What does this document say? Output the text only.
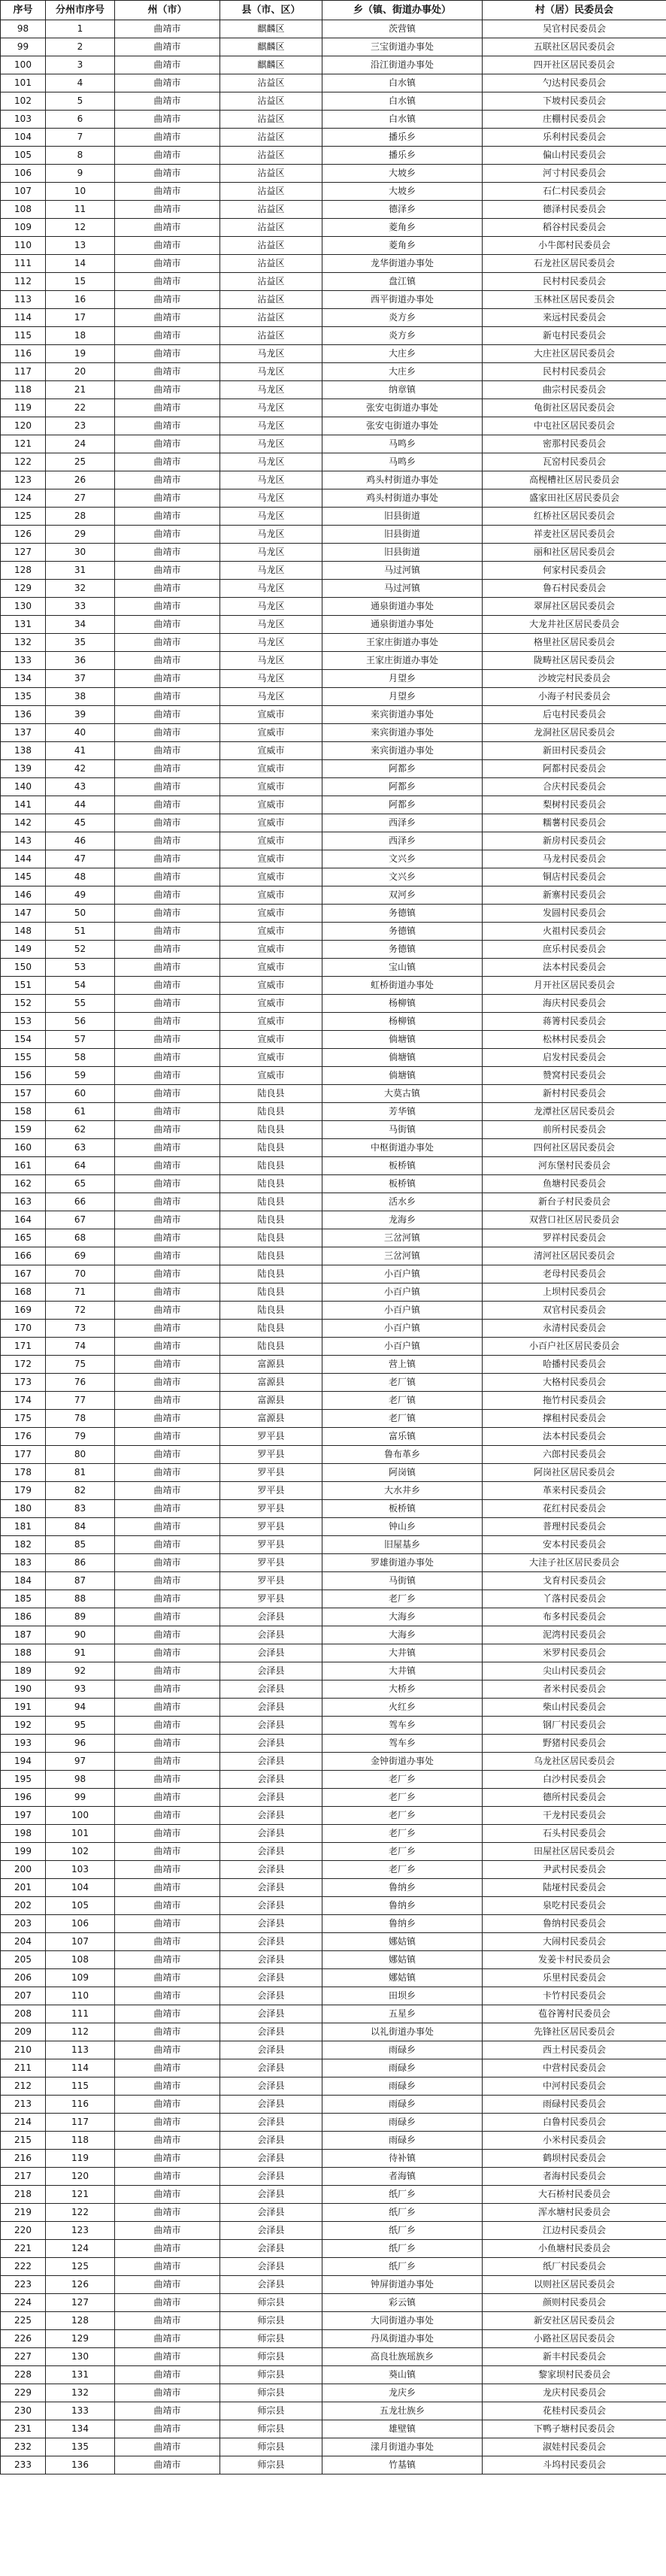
序号	分州市序号	州（市）	县（市、区）	乡（镇、街道办事处）	村（居）民委员会
98	1	曲靖市	麒麟区	茨营镇	吴官村民委员会
99	2	曲靖市	麒麟区	三宝街道办事处	五联社区居民委员会
100	3	曲靖市	麒麟区	沿江街道办事处	四开社区居民委员会
101	4	曲靖市	沾益区	白水镇	勺达村民委员会
102	5	曲靖市	沾益区	白水镇	下坡村民委员会
103	6	曲靖市	沾益区	白水镇	庄棚村民委员会
104	7	曲靖市	沾益区	播乐乡	乐利村民委员会
105	8	曲靖市	沾益区	播乐乡	偏山村民委员会
106	9	曲靖市	沾益区	大坡乡	河寸村民委员会
107	10	曲靖市	沾益区	大坡乡	石仁村民委员会
108	11	曲靖市	沾益区	德泽乡	德泽村民委员会
109	12	曲靖市	沾益区	菱角乡	稻谷村民委员会
110	13	曲靖市	沾益区	菱角乡	小牛郎村民委员会
111	14	曲靖市	沾益区	龙华街道办事处	石龙社区居民委员会
112	15	曲靖市	沾益区	盘江镇	民村村民委员会
113	16	曲靖市	沾益区	西平街道办事处	玉林社区居民委员会
114	17	曲靖市	沾益区	炎方乡	来远村民委员会
115	18	曲靖市	沾益区	炎方乡	新屯村民委员会
116	19	曲靖市	马龙区	大庄乡	大庄社区居民委员会
117	20	曲靖市	马龙区	大庄乡	民村村民委员会
118	21	曲靖市	马龙区	纳章镇	曲宗村民委员会
119	22	曲靖市	马龙区	张安屯街道办事处	龟街社区居民委员会
120	23	曲靖市	马龙区	张安屯街道办事处	中屯社区居民委员会
121	24	曲靖市	马龙区	马鸣乡	密那村民委员会
122	25	曲靖市	马龙区	马鸣乡	瓦窑村民委员会
123	26	曲靖市	马龙区	鸡头村街道办事处	高枧槽社区居民委员会
124	27	曲靖市	马龙区	鸡头村街道办事处	盛家田社区居民委员会
125	28	曲靖市	马龙区	旧县街道	红桥社区居民委员会
126	29	曲靖市	马龙区	旧县街道	祥麦社区居民委员会
127	30	曲靖市	马龙区	旧县街道	丽和社区居民委员会
128	31	曲靖市	马龙区	马过河镇	何家村民委员会
129	32	曲靖市	马龙区	马过河镇	鲁石村民委员会
130	33	曲靖市	马龙区	通泉街道办事处	翠屏社区居民委员会
131	34	曲靖市	马龙区	通泉街道办事处	大龙井社区居民委员会
132	35	曲靖市	马龙区	王家庄街道办事处	格里社区居民委员会
133	36	曲靖市	马龙区	王家庄街道办事处	陇畴社区居民委员会
134	37	曲靖市	马龙区	月望乡	沙坡完村民委员会
135	38	曲靖市	马龙区	月望乡	小海子村民委员会
136	39	曲靖市	宣威市	来宾街道办事处	后屯村民委员会
137	40	曲靖市	宣威市	来宾街道办事处	龙洞社区居民委员会
138	41	曲靖市	宣威市	来宾街道办事处	新田村民委员会
139	42	曲靖市	宣威市	阿都乡	阿都村民委员会
140	43	曲靖市	宣威市	阿都乡	合庆村民委员会
141	44	曲靖市	宣威市	阿都乡	梨树村民委员会
142	45	曲靖市	宣威市	西泽乡	糯薯村民委员会
143	46	曲靖市	宣威市	西泽乡	新房村民委员会
144	47	曲靖市	宣威市	文兴乡	马龙村民委员会
145	48	曲靖市	宣威市	文兴乡	铜店村民委员会
146	49	曲靖市	宣威市	双河乡	新寨村民委员会
147	50	曲靖市	宣威市	务德镇	发圆村民委员会
148	51	曲靖市	宣威市	务德镇	火祖村民委员会
149	52	曲靖市	宣威市	务德镇	庶乐村民委员会
150	53	曲靖市	宣威市	宝山镇	法本村民委员会
151	54	曲靖市	宣威市	虹桥街道办事处	月开社区居民委员会
152	55	曲靖市	宣威市	杨柳镇	海庆村民委员会
153	56	曲靖市	宣威市	杨柳镇	蒋箐村民委员会
154	57	曲靖市	宣威市	倘塘镇	松林村民委员会
155	58	曲靖市	宣威市	倘塘镇	启发村民委员会
156	59	曲靖市	宣威市	倘塘镇	赞窝村民委员会
157	60	曲靖市	陆良县	大莫古镇	新村村民委员会
158	61	曲靖市	陆良县	芳华镇	龙潭社区居民委员会
159	62	曲靖市	陆良县	马街镇	前所村民委员会
160	63	曲靖市	陆良县	中枢街道办事处	四何社区居民委员会
161	64	曲靖市	陆良县	板桥镇	河东堡村民委员会
162	65	曲靖市	陆良县	板桥镇	鱼塘村民委员会
163	66	曲靖市	陆良县	活水乡	新台子村民委员会
164	67	曲靖市	陆良县	龙海乡	双营口社区居民委员会
165	68	曲靖市	陆良县	三岔河镇	罗祥村民委员会
166	69	曲靖市	陆良县	三岔河镇	清河社区居民委员会
167	70	曲靖市	陆良县	小百户镇	老母村民委员会
168	71	曲靖市	陆良县	小百户镇	上坝村民委员会
169	72	曲靖市	陆良县	小百户镇	双官村民委员会
170	73	曲靖市	陆良县	小百户镇	永清村民委员会
171	74	曲靖市	陆良县	小百户镇	小百户社区居民委员会
172	75	曲靖市	富源县	营上镇	哈播村民委员会
173	76	曲靖市	富源县	老厂镇	大格村民委员会
174	77	曲靖市	富源县	老厂镇	拖竹村民委员会
175	78	曲靖市	富源县	老厂镇	撑租村民委员会
176	79	曲靖市	罗平县	富乐镇	法本村民委员会
177	80	曲靖市	罗平县	鲁布革乡	六郎村民委员会
178	81	曲靖市	罗平县	阿岗镇	阿岗社区居民委员会
179	82	曲靖市	罗平县	大水井乡	革来村民委员会
180	83	曲靖市	罗平县	板桥镇	花红村民委员会
181	84	曲靖市	罗平县	钟山乡	普理村民委员会
182	85	曲靖市	罗平县	旧屋基乡	安本村民委员会
183	86	曲靖市	罗平县	罗雄街道办事处	大洼子社区居民委员会
184	87	曲靖市	罗平县	马街镇	戈育村民委员会
185	88	曲靖市	罗平县	老厂乡	丫落村民委员会
186	89	曲靖市	会泽县	大海乡	布多村民委员会
187	90	曲靖市	会泽县	大海乡	泥湾村民委员会
188	91	曲靖市	会泽县	大井镇	米罗村民委员会
189	92	曲靖市	会泽县	大井镇	尖山村民委员会
190	93	曲靖市	会泽县	大桥乡	者米村民委员会
191	94	曲靖市	会泽县	火红乡	柴山村民委员会
192	95	曲靖市	会泽县	驾车乡	钢厂村民委员会
193	96	曲靖市	会泽县	驾车乡	野猪村民委员会
194	97	曲靖市	会泽县	金钟街道办事处	乌龙社区居民委员会
195	98	曲靖市	会泽县	老厂乡	白沙村民委员会
196	99	曲靖市	会泽县	老厂乡	德所村民委员会
197	100	曲靖市	会泽县	老厂乡	干龙村民委员会
198	101	曲靖市	会泽县	老厂乡	石头村民委员会
199	102	曲靖市	会泽县	老厂乡	田屋社区居民委员会
200	103	曲靖市	会泽县	老厂乡	尹武村民委员会
201	104	曲靖市	会泽县	鲁纳乡	陆垭村民委员会
202	105	曲靖市	会泽县	鲁纳乡	泉吃村民委员会
203	106	曲靖市	会泽县	鲁纳乡	鲁纳村民委员会
204	107	曲靖市	会泽县	娜姑镇	大闹村民委员会
205	108	曲靖市	会泽县	娜姑镇	发姜卡村民委员会
206	109	曲靖市	会泽县	娜姑镇	乐里村民委员会
207	110	曲靖市	会泽县	田坝乡	卡竹村民委员会
208	111	曲靖市	会泽县	五星乡	苞谷箐村民委员会
209	112	曲靖市	会泽县	以礼街道办事处	先锋社区居民委员会
210	113	曲靖市	会泽县	雨碌乡	西土村民委员会
211	114	曲靖市	会泽县	雨碌乡	中营村民委员会
212	115	曲靖市	会泽县	雨碌乡	中河村民委员会
213	116	曲靖市	会泽县	雨碌乡	雨碌村民委员会
214	117	曲靖市	会泽县	雨碌乡	白鲁村民委员会
215	118	曲靖市	会泽县	雨碌乡	小米村民委员会
216	119	曲靖市	会泽县	待补镇	鹤坝村民委员会
217	120	曲靖市	会泽县	者海镇	者海村民委员会
218	121	曲靖市	会泽县	纸厂乡	大石桥村民委员会
219	122	曲靖市	会泽县	纸厂乡	浑水塘村民委员会
220	123	曲靖市	会泽县	纸厂乡	江边村民委员会
221	124	曲靖市	会泽县	纸厂乡	小鱼塘村民委员会
222	125	曲靖市	会泽县	纸厂乡	纸厂村民委员会
223	126	曲靖市	会泽县	钟屏街道办事处	以则社区居民委员会
224	127	曲靖市	师宗县	彩云镇	颜则村民委员会
225	128	曲靖市	师宗县	大同街道办事处	新安社区居民委员会
226	129	曲靖市	师宗县	丹凤街道办事处	小路社区居民委员会
227	130	曲靖市	师宗县	高良壮族瑶族乡	新丰村民委员会
228	131	曲靖市	师宗县	葵山镇	黎家坝村民委员会
229	132	曲靖市	师宗县	龙庆乡	龙庆村民委员会
230	133	曲靖市	师宗县	五龙壮族乡	花桂村民委员会
231	134	曲靖市	师宗县	雄壁镇	下鸭子塘村民委员会
232	135	曲靖市	师宗县	漾月街道办事处	淑娃村民委员会
233	136	曲靖市	师宗县	竹基镇	斗坞村民委员会
